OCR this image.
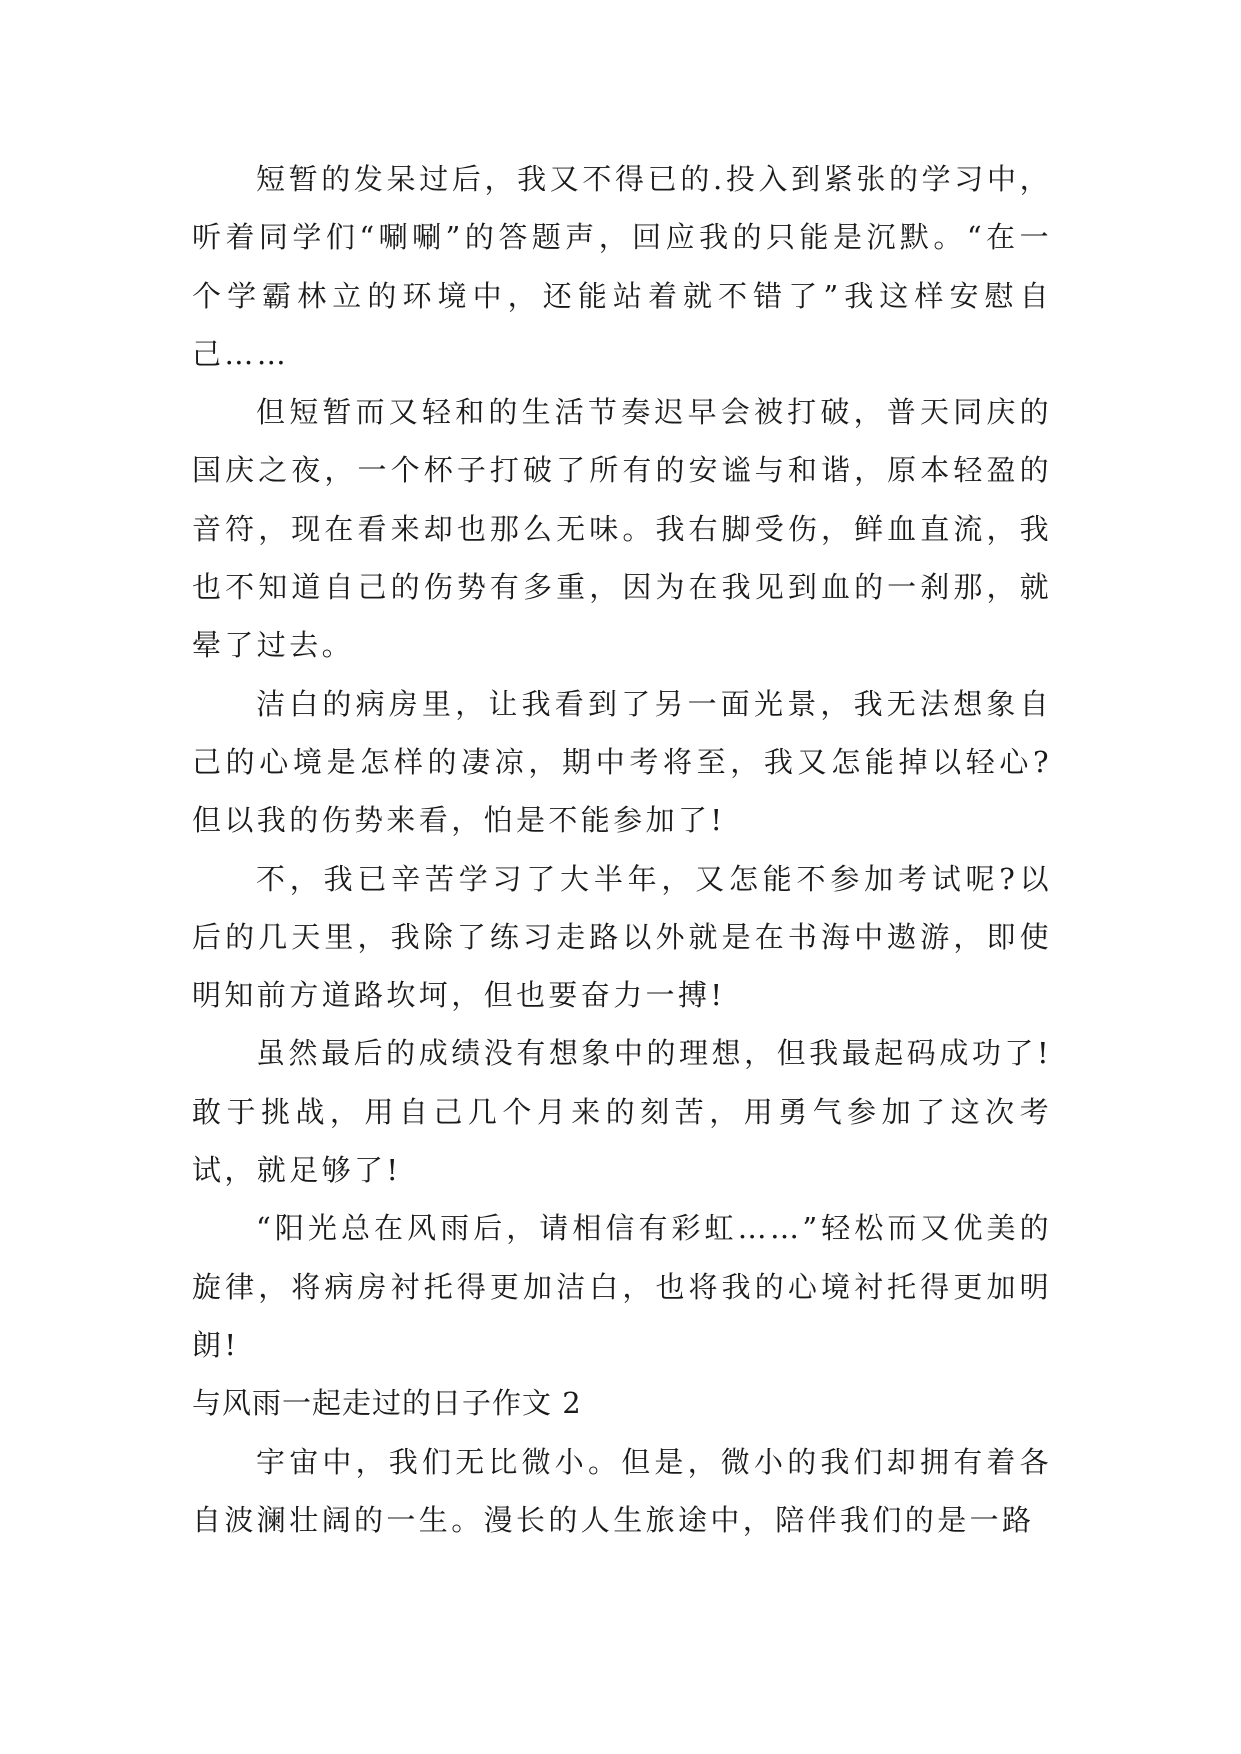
短暂的发呆过后，我又不得已的.投入到紧张的学习中，听着同学们“唰唰”的答题声，回应我的只能是沉默。“在一个学霸林立的环境中，还能站着就不错了”我这样安慰自己……

但短暂而又轻和的生活节奏迟早会被打破，普天同庆的国庆之夜，一个杯子打破了所有的安谧与和谐，原本轻盈的音符，现在看来却也那么无味。我右脚受伤，鲜血直流，我也不知道自己的伤势有多重，因为在我见到血的一刹那，就晕了过去。

洁白的病房里，让我看到了另一面光景，我无法想象自己的心境是怎样的凄凉，期中考将至，我又怎能掉以轻心?但以我的伤势来看，怕是不能参加了!

不，我已辛苦学习了大半年，又怎能不参加考试呢?以后的几天里，我除了练习走路以外就是在书海中遨游，即使明知前方道路坎坷，但也要奋力一搏!

虽然最后的成绩没有想象中的理想，但我最起码成功了!敢于挑战，用自己几个月来的刻苦，用勇气参加了这次考试，就足够了!

“阳光总在风雨后，请相信有彩虹……”轻松而又优美的旋律，将病房衬托得更加洁白，也将我的心境衬托得更加明朗!

与风雨一起走过的日子作文 2

宇宙中，我们无比微小。但是，微小的我们却拥有着各自波澜壮阔的一生。漫长的人生旅途中，陪伴我们的是一路
